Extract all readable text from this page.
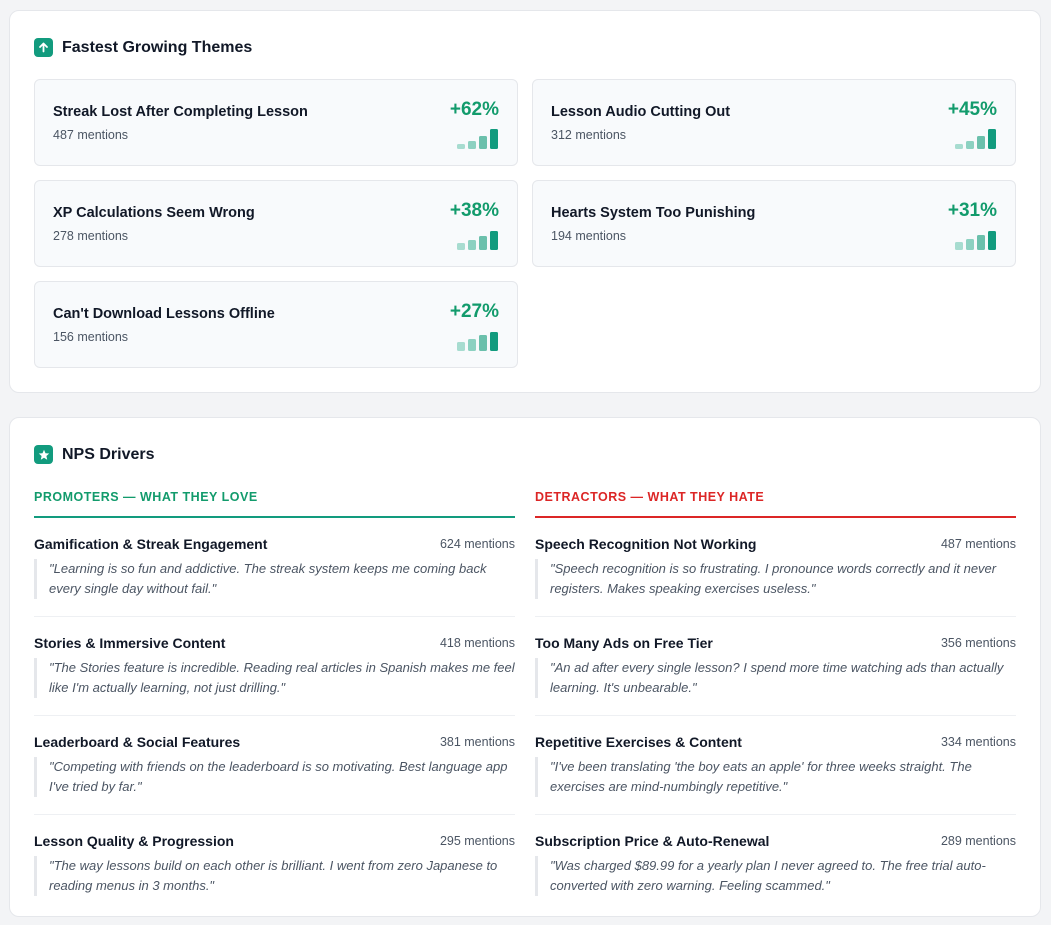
Fastest Growing Themes
Streak Lost After Completing Lesson
487 mentions
+62%	Lesson Audio Cutting Out
312 mentions
+45%
XP Calculations Seem Wrong
278 mentions
+38%	Hearts System Too Punishing
194 mentions
+31%
Can't Download Lessons Offline
156 mentions
+27%
NPS Drivers
PROMOTERS — WHAT THEY LOVE
Gamification & Streak Engagement	624 mentions
"Learning is so fun and addictive. The streak system keeps me coming back every single day without fail."
Stories & Immersive Content	418 mentions
"The Stories feature is incredible. Reading real articles in Spanish makes me feel like I'm actually learning, not just drilling."
Leaderboard & Social Features	381 mentions
"Competing with friends on the leaderboard is so motivating. Best language app I've tried by far."
Lesson Quality & Progression	295 mentions
"The way lessons build on each other is brilliant. I went from zero Japanese to reading menus in 3 months."
DETRACTORS — WHAT THEY HATE
Speech Recognition Not Working	487 mentions
"Speech recognition is so frustrating. I pronounce words correctly and it never registers. Makes speaking exercises useless."
Too Many Ads on Free Tier	356 mentions
"An ad after every single lesson? I spend more time watching ads than actually learning. It's unbearable."
Repetitive Exercises & Content	334 mentions
"I've been translating 'the boy eats an apple' for three weeks straight. The exercises are mind-numbingly repetitive."
Subscription Price & Auto-Renewal	289 mentions
"Was charged $89.99 for a yearly plan I never agreed to. The free trial auto-converted with zero warning. Feeling scammed."
